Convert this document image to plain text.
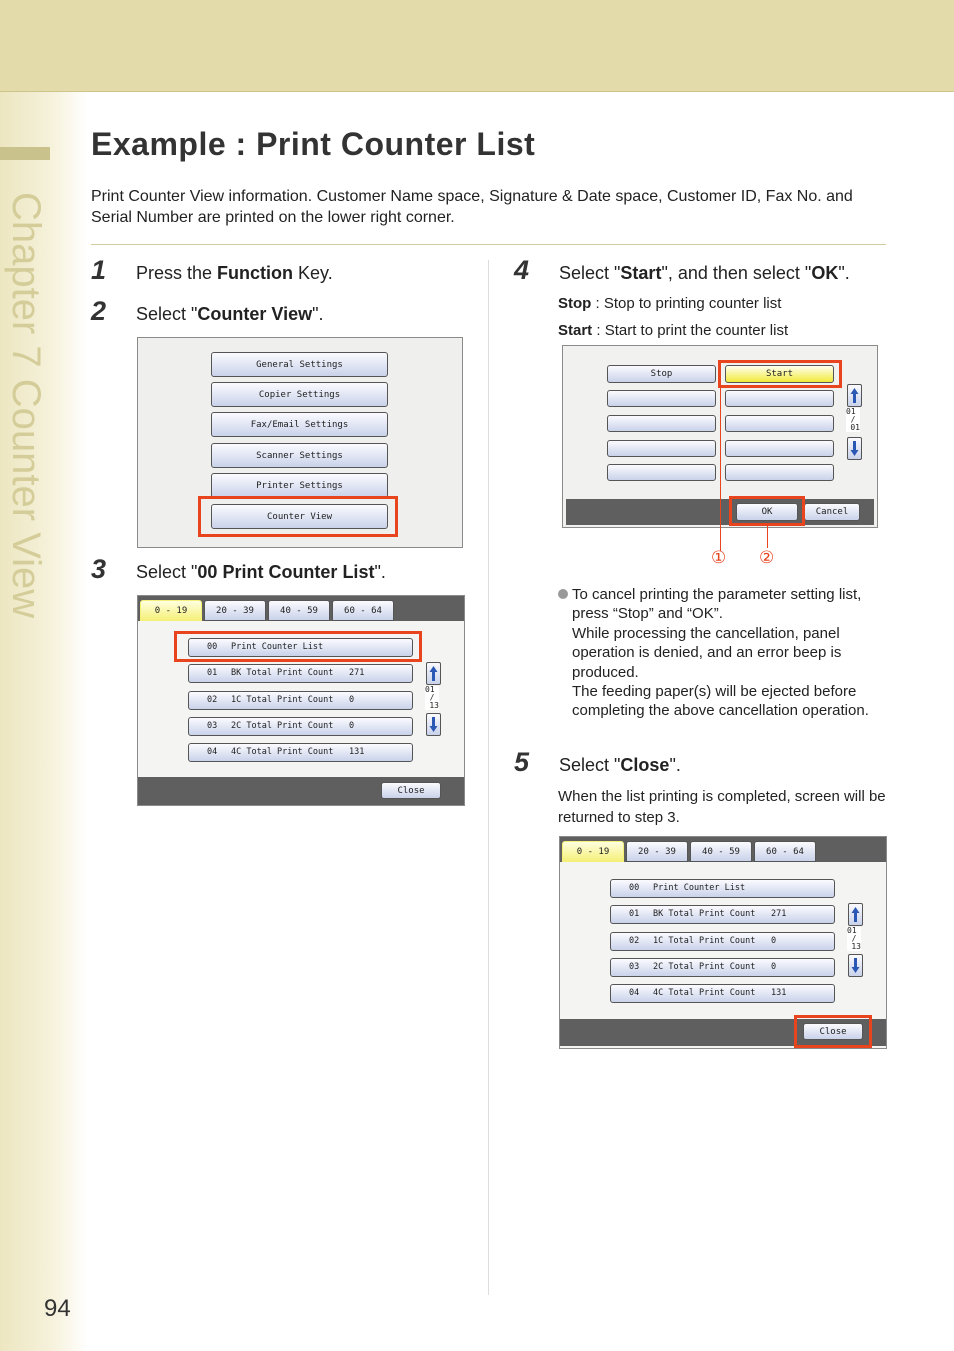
Chapter 7 Counter View
94
Example : Print Counter List
Print Counter View information. Customer Name space, Signature & Date space, Customer ID, Fax No. and Serial Number are printed on the lower right corner.
1 Press the Function Key.
2 Select "Counter View".
General Settings
Copier Settings
Fax/Email Settings
Scanner Settings
Printer Settings
Counter View
3 Select "00 Print Counter List".
0 - 19	20 - 39	40 - 59	60 - 64
00 Print Counter List
01 BK Total Print Count 271
02 1C Total Print Count 0
03 2C Total Print Count 0
04 4C Total Print Count 131
01
/
13
Close
4 Select "Start", and then select "OK".
Stop : Stop to printing counter list
Start : Start to print the counter list
Stop	Start
01
/
01
OK	Cancel
① ②

To cancel printing the parameter setting list, press “Stop” and “OK”.

While processing the cancellation, panel operation is denied, and an error beep is produced.

The feeding paper(s) will be ejected before completing the above cancellation operation.

5 Select "Close".
When the list printing is completed, screen will be returned to step 3.
0 - 19	20 - 39	40 - 59	60 - 64
00 Print Counter List
01 BK Total Print Count 271
02 1C Total Print Count 0
03 2C Total Print Count 0
04 4C Total Print Count 131
01
/
13
Close
